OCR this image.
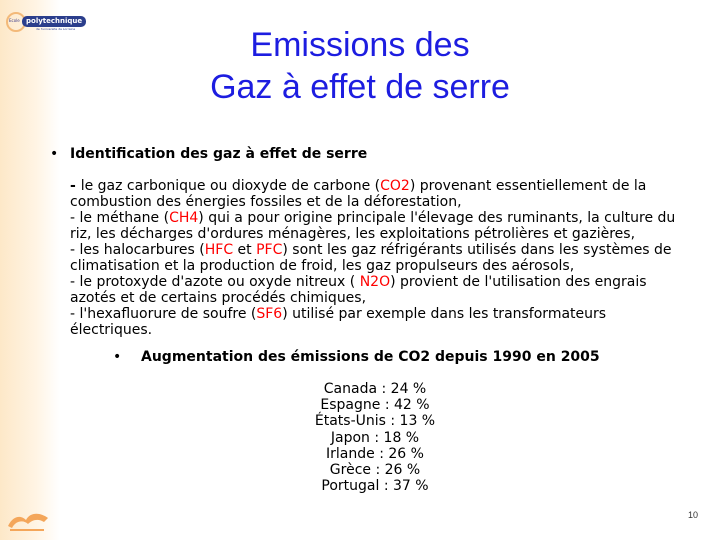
Ecole polytechnique
de l'universite de Lorraine	Emissions des
Gaz à effet de serre
• Identification des gaz à effet de serre
- le gaz carbonique ou dioxyde de carbone (CO2) provenant essentiellement de la combustion des énergies fossiles et de la déforestation,
- le méthane (CH4) qui a pour origine principale l'élevage des ruminants, la culture du riz, les décharges d'ordures ménagères, les exploitations pétrolières et gazières,
- les halocarbures (HFC et PFC) sont les gaz réfrigérants utilisés dans les systèmes de climatisation et la production de froid, les gaz propulseurs des aérosols,
- le protoxyde d'azote ou oxyde nitreux ( N2O) provient de l'utilisation des engrais azotés et de certains procédés chimiques,
- l'hexafluorure de soufre (SF6) utilisé par exemple dans les transformateurs électriques.
•	Augmentation des émissions de CO2 depuis 1990 en 2005
Canada : 24 %
Espagne : 42 %
États-Unis : 13 %
Japon : 18 %
Irlande : 26 %
Grèce : 26 %
Portugal : 37 %
10
